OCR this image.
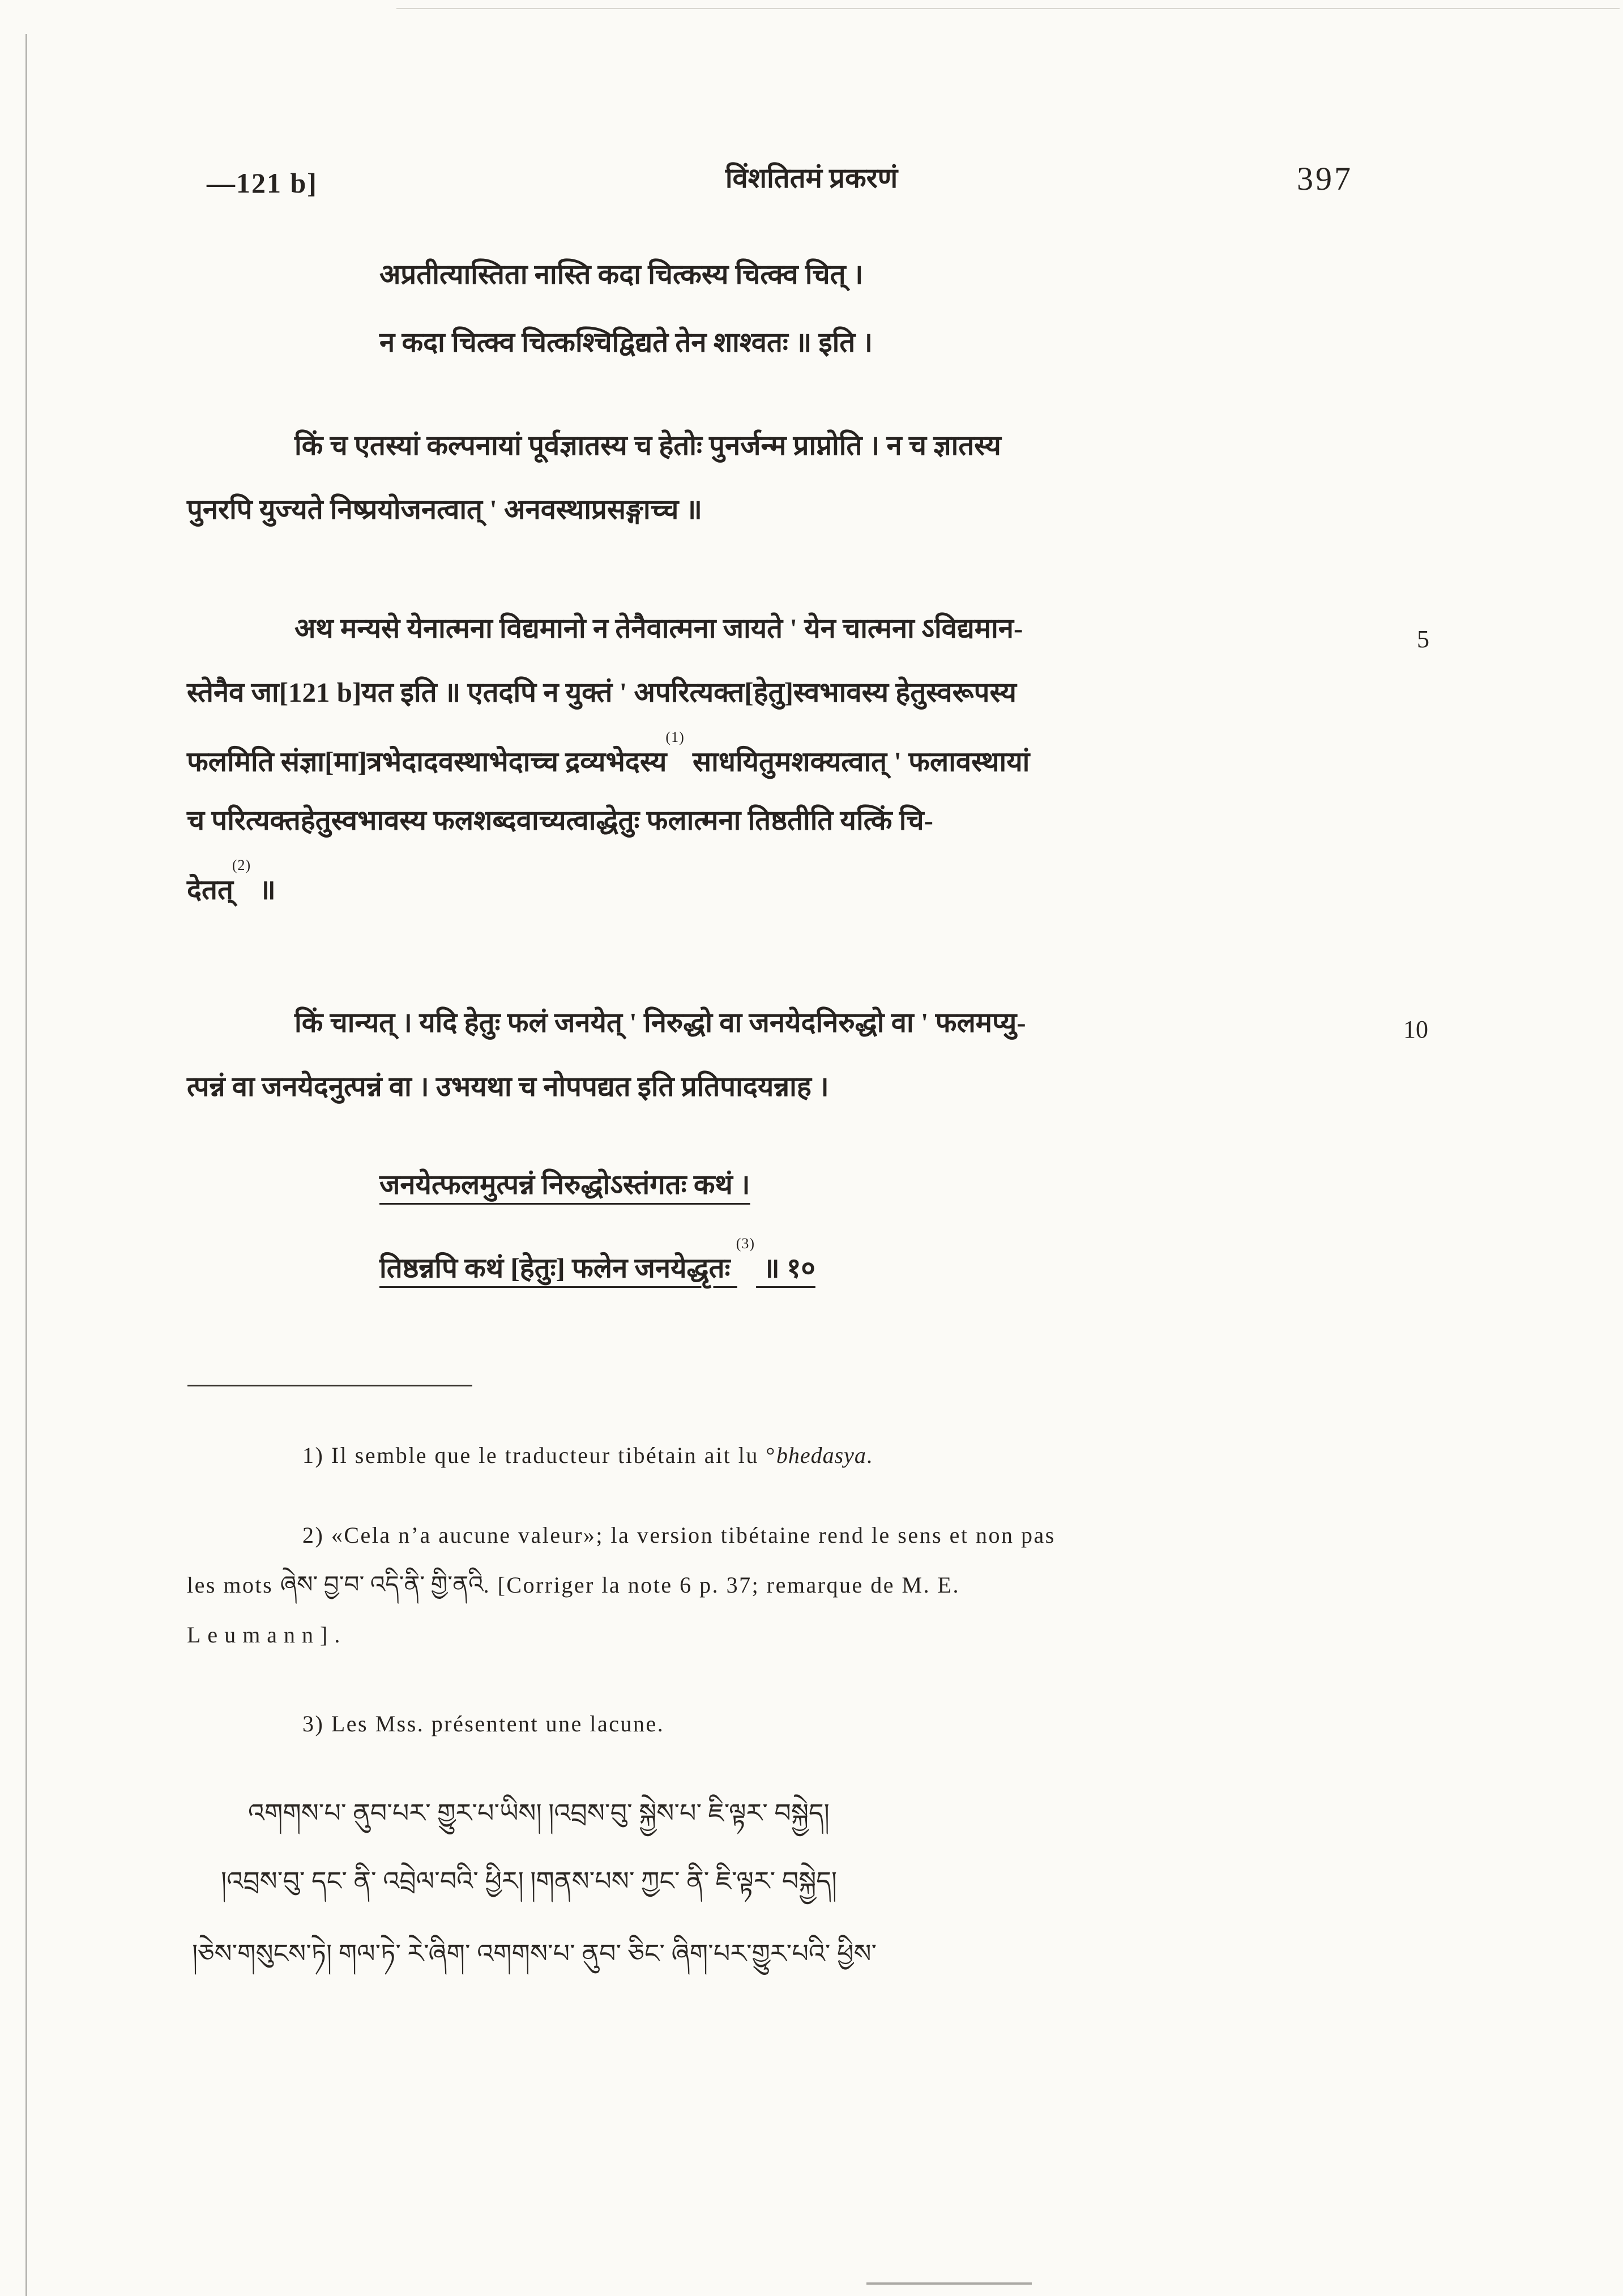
—121 b]	विंशतितमं प्रकरणं	397
अप्रतीत्यास्तिता नास्ति कदा चित्कस्य चित्क्व चित् ।
न कदा चित्क्व चित्कश्चिद्विद्यते तेन शाश्वतः ॥ इति ।
किं च एतस्यां कल्पनायां पूर्वज्ञातस्य च हेतोः पुनर्जन्म प्राप्नोति । न च ज्ञातस्य
पुनरपि युज्यते निष्प्रयोजनत्वात् ' अनवस्थाप्रसङ्गाच्च ॥
अथ मन्यसे येनात्मना विद्यमानो न तेनैवात्मना जायते ' येन चात्मना ऽविद्यमान-
स्तेनैव जा[121 b]यत इति ॥ एतदपि न युक्तं ' अपरित्यक्त[हेतु]स्वभावस्य हेतुस्वरूपस्य
फलमिति संज्ञा[मा]त्रभेदादवस्थाभेदाच्च द्रव्यभेदस्य$^{(1)}$ साधयितुमशक्यत्वात् ' फलावस्थायां
च परित्यक्तहेतुस्वभावस्य फलशब्दवाच्यत्वाद्धेतुः फलात्मना तिष्ठतीति यत्किं चि-
देतत्$^{(2)}$ ॥
किं चान्यत् । यदि हेतुः फलं जनयेत् ' निरुद्धो वा जनयेदनिरुद्धो वा ' फलमप्यु-
त्पन्नं वा जनयेदनुत्पन्नं वा । उभयथा च नोपपद्यत इति प्रतिपादयन्नाह ।
जनयेत्फलमुत्पन्नं निरुद्धोऽस्तंगतः कथं ।
तिष्ठन्नपि कथं [हेतुः] फलेन जनयेद्धृतः $^{(3)}$ ॥ १०
5
10
1) Il semble que le traducteur tibétain ait lu °bhedasya.
2) «Cela n’a aucune valeur»; la version tibétaine rend le sens et non pas
les mots ཞེས་ བྱ་བ་ འདི་ནི་ གྱི་ནའི. [Corriger la note 6 p. 37; remarque de M. E.
Leumann].
3) Les Mss. présentent une lacune.
འགགས་པ་ ནུབ་པར་ གྱུར་པ་ཡིས། །འབྲས་བུ་ སྐྱེས་པ་ ཇི་ལྟར་ བསྐྱེད།
།འབྲས་བུ་ དང་ ནི་ འབྲེལ་བའི་ ཕྱིར། །གནས་པས་ ཀྱང་ ནི་ ཇི་ལྟར་ བསྐྱེད།
།ཅེས་གསུངས་ཏེ། གལ་ཏེ་ རེ་ཞིག་ འགགས་པ་ ནུབ་ ཅིང་ ཞིག་པར་གྱུར་པའི་ ཕྱིས་
